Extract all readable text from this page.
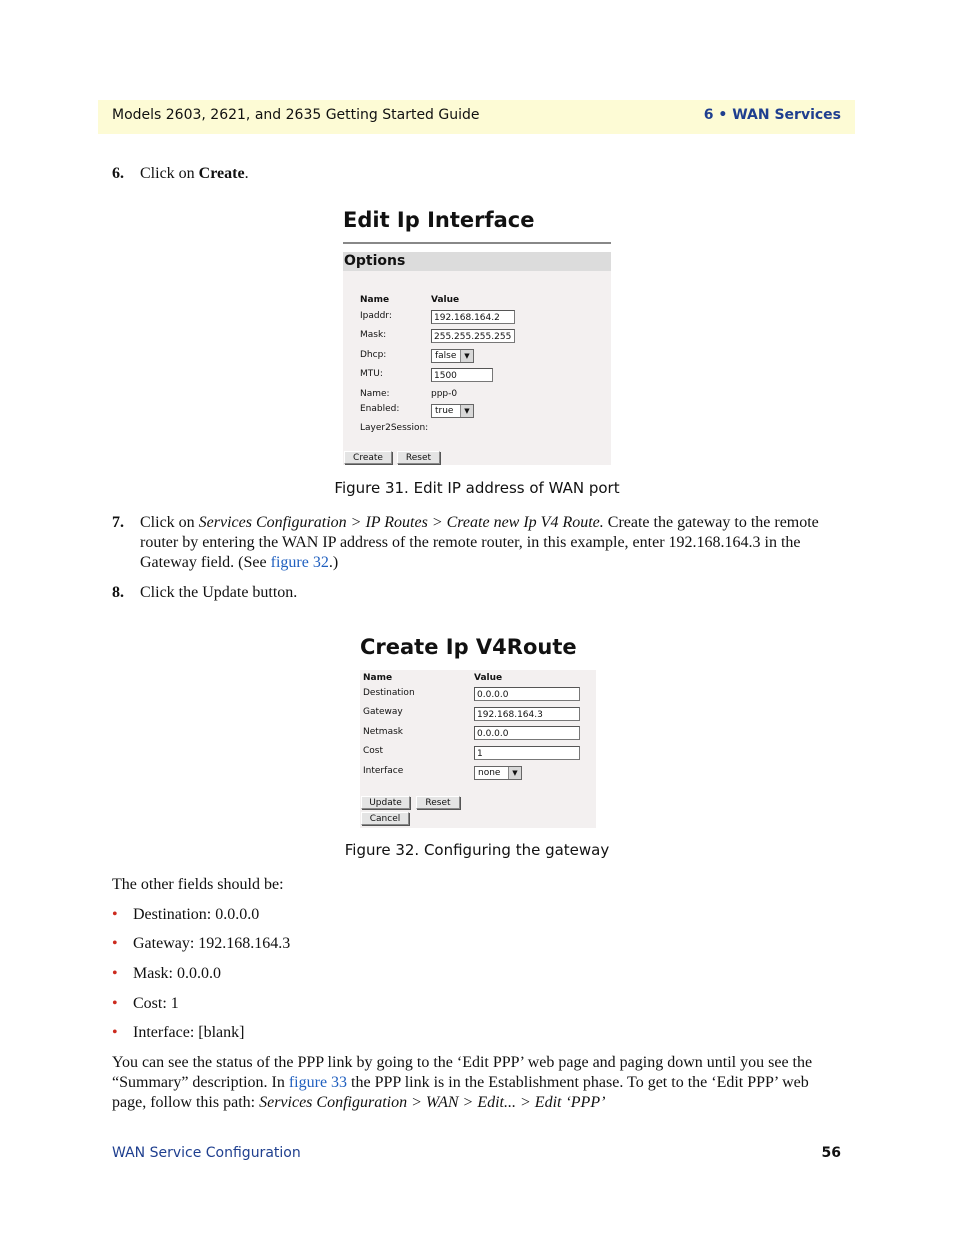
Models 2603, 2621, and 2635 Getting Started Guide	6 • WAN Services
6. Click on Create.
Edit Ip Interface
Options
Name	Value
Ipaddr:	192.168.164.2
Mask:	255.255.255.255
Dhcp:	false	▼
MTU:	1500
Name:	ppp-0
Enabled:	true	▼
Layer2Session:
Create	Reset
Figure 31. Edit IP address of WAN port
7. Click on Services Configuration > IP Routes > Create new Ip V4 Route. Create the gateway to the remote
router by entering the WAN IP address of the remote router, in this example, enter 192.168.164.3 in the
Gateway field. (See figure 32.)
8. Click the Update button.
Create Ip V4Route
Name	Value
Destination	0.0.0.0
Gateway	192.168.164.3
Netmask	0.0.0.0
Cost	1
Interface	none	▼
Update	Reset
Cancel
Figure 32. Configuring the gateway
The other fields should be:
• Destination: 0.0.0.0
• Gateway: 192.168.164.3
• Mask: 0.0.0.0
• Cost: 1
• Interface: [blank]
You can see the status of the PPP link by going to the ‘Edit PPP’ web page and paging down until you see the
“Summary” description. In figure 33 the PPP link is in the Establishment phase. To get to the ‘Edit PPP’ web
page, follow this path: Services Configuration > WAN > Edit... > Edit ‘PPP’
WAN Service Configuration	56
